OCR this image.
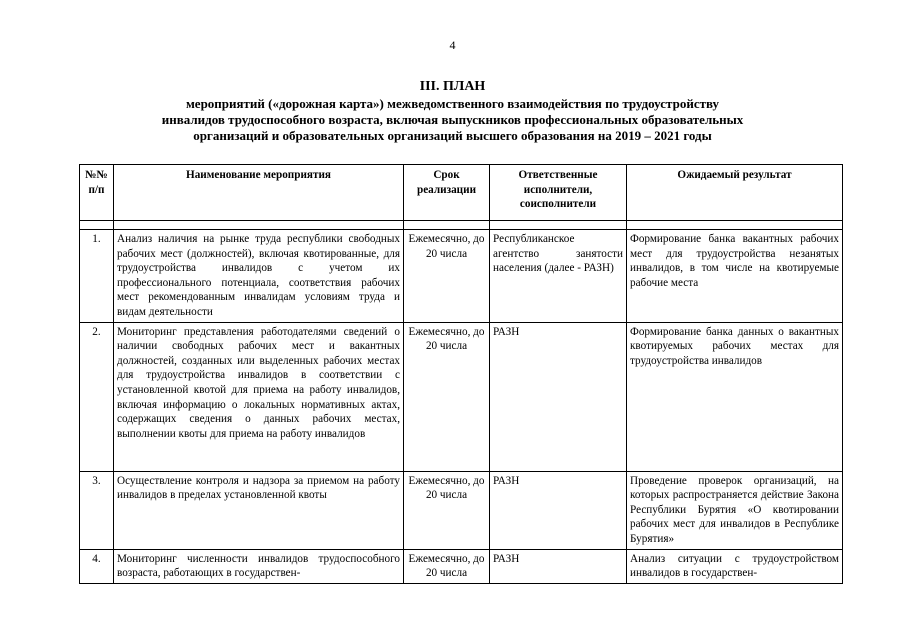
4
III. ПЛАН
мероприятий («дорожная карта») межведомственного взаимодействия по трудоустройству
инвалидов трудоспособного возраста, включая выпускников профессиональных образовательных
организаций и образовательных организаций высшего образования на 2019 – 2021 годы
№№ п/п	Наименование мероприятия	Срок реализации	Ответственные исполнители, соисполнители	Ожидаемый результат

1.	Анализ наличия на рынке труда республики свободных рабочих мест (должностей), включая квотированные, для трудоустройства инвалидов с учетом их профессионального потенциала, соответствия рабочих мест рекомендованным инвалидам условиям труда и видам деятельности	Ежемесячно, до 20 числа	Республиканское агентство занятости населения (далее - РАЗН)	Формирование банка вакантных рабочих мест для трудоустройства незанятых инвалидов, в том числе на квотируемые рабочие места
2.	Мониторинг представления работодателями сведений о наличии свободных рабочих мест и вакантных должностей, созданных или выделенных рабочих местах для трудоустройства инвалидов в соответствии с установленной квотой для приема на работу инвалидов, включая информацию о локальных нормативных актах, содержащих сведения о данных рабочих местах, выполнении квоты для приема на работу инвалидов	Ежемесячно, до 20 числа	РАЗН	Формирование банка данных о вакантных квотируемых рабочих местах для трудоустройства инвалидов
3.	Осуществление контроля и надзора за приемом на работу инвалидов в пределах установленной квоты	Ежемесячно, до 20 числа	РАЗН	Проведение проверок организаций, на которых распространяется действие Закона Республики Бурятия «О квотировании рабочих мест для инвалидов в Республике Бурятия»
4.	Мониторинг численности инвалидов трудоспособного возраста, работающих в государствен-	Ежемесячно, до 20 числа	РАЗН	Анализ ситуации с трудоустройством инвалидов в государствен-
